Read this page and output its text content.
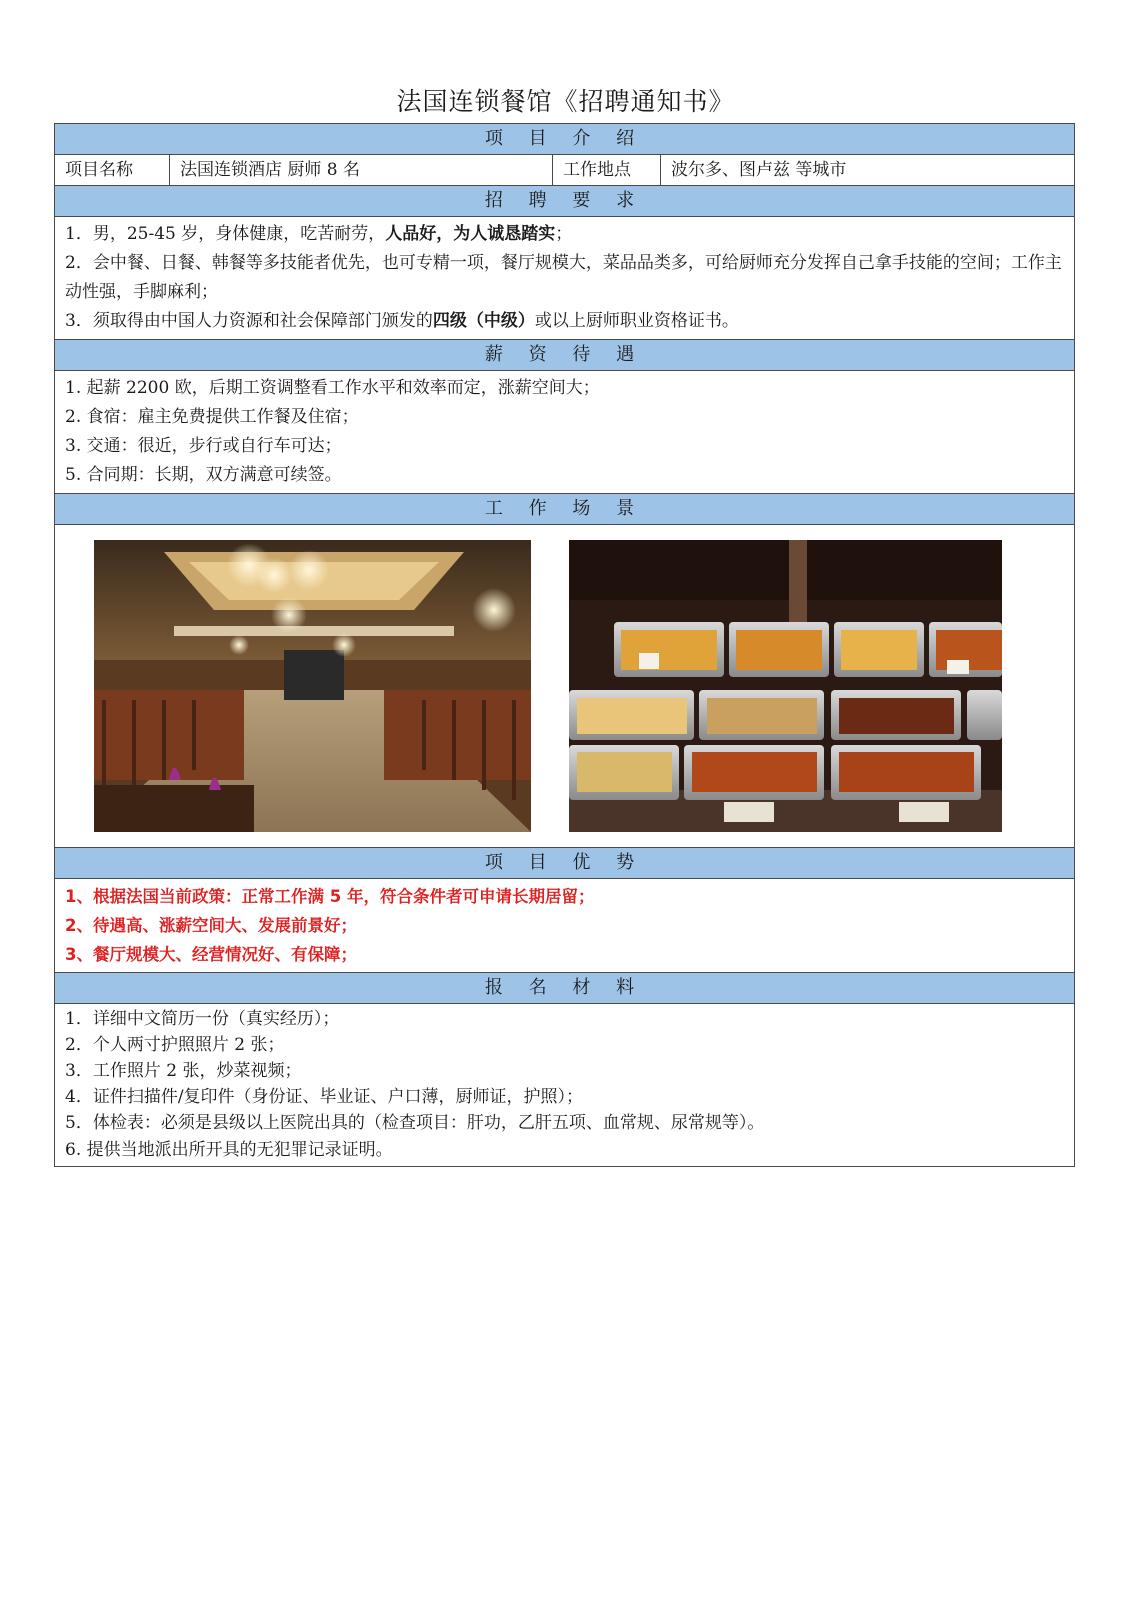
法国连锁餐馆《招聘通知书》
项 目 介 绍
项目名称	法国连锁酒店 厨师 8 名	工作地点	波尔多、图卢兹 等城市
招 聘 要 求
1．男，25-45 岁，身体健康，吃苦耐劳，人品好，为人诚恳踏实；
2．会中餐、日餐、韩餐等多技能者优先，也可专精一项，餐厅规模大，菜品品类多，可给厨师充分发挥自己拿手技能的空间；工作主动性强，手脚麻利；
3．须取得由中国人力资源和社会保障部门颁发的四级（中级）或以上厨师职业资格证书。
薪 资 待 遇
1. 起薪 2200 欧，后期工资调整看工作水平和效率而定，涨薪空间大；
2. 食宿：雇主免费提供工作餐及住宿；
3. 交通：很近，步行或自行车可达；
5. 合同期：长期，双方满意可续签。
工 作 场 景
项 目 优 势
1、根据法国当前政策：正常工作满 5 年，符合条件者可申请长期居留；
2、待遇高、涨薪空间大、发展前景好；
3、餐厅规模大、经营情况好、有保障；
报 名 材 料
1．详细中文简历一份（真实经历）；
2．个人两寸护照照片 2 张；
3．工作照片 2 张，炒菜视频；
4．证件扫描件/复印件（身份证、毕业证、户口薄，厨师证，护照）；
5．体检表：必须是县级以上医院出具的（检查项目：肝功，乙肝五项、血常规、尿常规等）。
6. 提供当地派出所开具的无犯罪记录证明。
